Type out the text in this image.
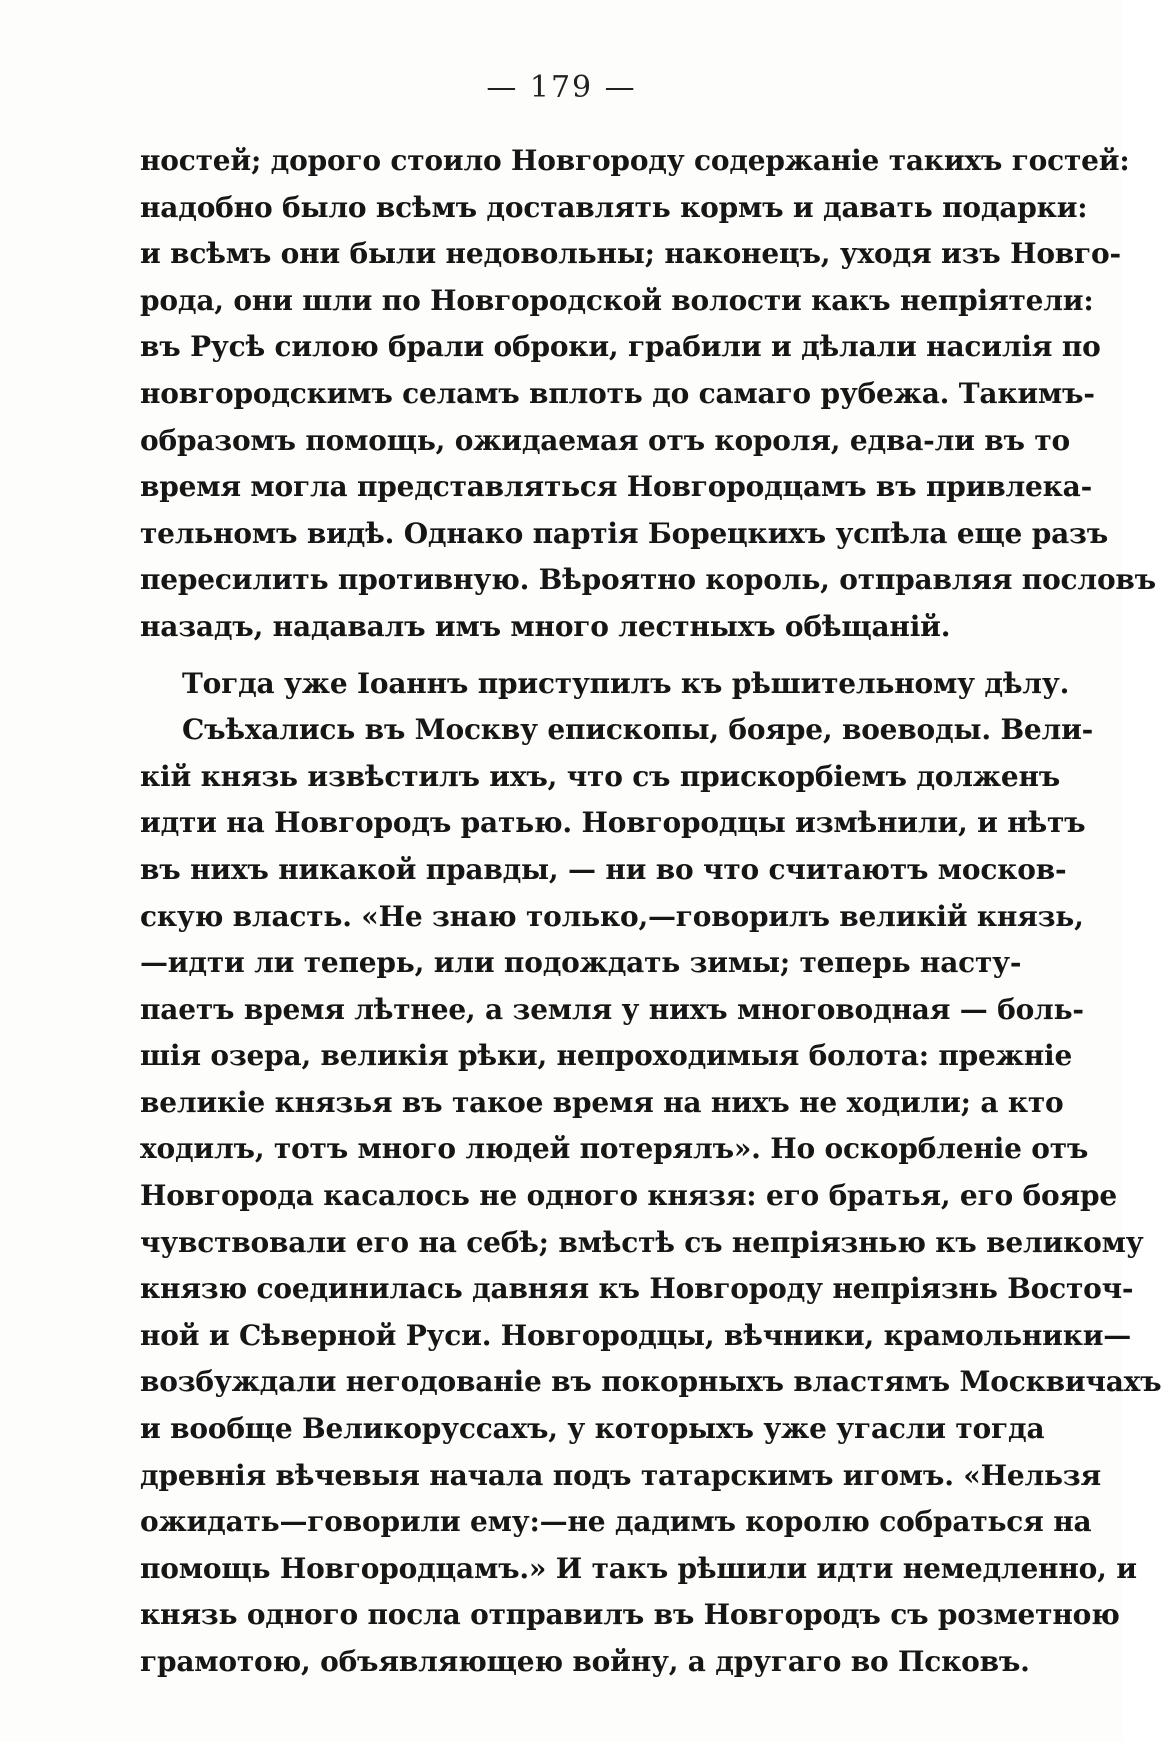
— 179 —
ностей; дорого стоило Новгороду содержаніе такихъ гостей:
надобно было всѣмъ доставлять кормъ и давать подарки:
и всѣмъ они были недовольны; наконецъ, уходя изъ Новго-
рода, они шли по Новгородской волости какъ непріятели:
въ Русѣ силою брали оброки, грабили и дѣлали насилія по
новгородскимъ селамъ вплоть до самаго рубежа. Такимъ-
образомъ помощь, ожидаемая отъ короля, едва-ли въ то
время могла представляться Новгородцамъ въ привлека-
тельномъ видѣ. Однако партія Борецкихъ успѣла еще разъ
пересилить противную. Вѣроятно король, отправляя пословъ
назадъ, надавалъ имъ много лестныхъ обѣщаній.
Тогда уже Іоаннъ приступилъ къ рѣшительному дѣлу.
Съѣхались въ Москву епископы, бояре, воеводы. Вели-
кій князь извѣстилъ ихъ, что съ прискорбіемъ долженъ
идти на Новгородъ ратью. Новгородцы измѣнили, и нѣтъ
въ нихъ никакой правды, — ни во что считаютъ москов-
скую власть. «Не знаю только,—говорилъ великій князь,
—идти ли теперь, или подождать зимы; теперь насту-
паетъ время лѣтнее, а земля у нихъ многоводная — боль-
шія озера, великія рѣки, непроходимыя болота: прежніе
великіе князья въ такое время на нихъ не ходили; а кто
ходилъ, тотъ много людей потерялъ». Но оскорбленіе отъ
Новгорода касалось не одного князя: его братья, его бояре
чувствовали его на себѣ; вмѣстѣ съ непріязнью къ великому
князю соединилась давняя къ Новгороду непріязнь Восточ-
ной и Сѣверной Руси. Новгородцы, вѣчники, крамольники—
возбуждали негодованіе въ покорныхъ властямъ Москвичахъ
и вообще Великоруссахъ, у которыхъ уже угасли тогда
древнія вѣчевыя начала подъ татарскимъ игомъ. «Нельзя
ожидать—говорили ему:—не дадимъ королю собраться на
помощь Новгородцамъ.» И такъ рѣшили идти немедленно, и
князь одного посла отправилъ въ Новгородъ съ розметною
грамотою, объявляющею войну, а другаго во Псковъ.
